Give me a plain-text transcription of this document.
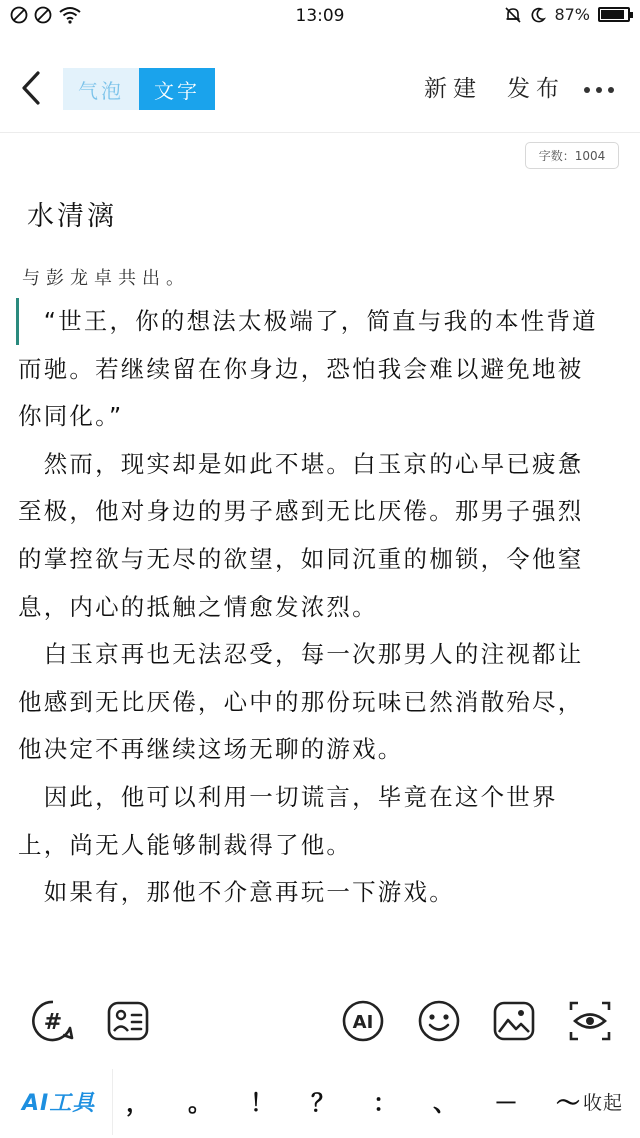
13:09	87%
气泡	文字	新建 发布
字数：1004
水清漓
与彭龙卓共出。

　“世王，你的想法太极端了，简直与我的本性背道而驰。若继续留在你身边，恐怕我会难以避免地被你同化。”

　然而，现实却是如此不堪。白玉京的心早已疲惫至极，他对身边的男子感到无比厌倦。那男子强烈的掌控欲与无尽的欲望，如同沉重的枷锁，令他窒息，内心的抵触之情愈发浓烈。

　白玉京再也无法忍受，每一次那男人的注视都让他感到无比厌倦，心中的那份玩味已然消散殆尽，他决定不再继续这场无聊的游戏。

　因此，他可以利用一切谎言，毕竟在这个世界上，尚无人能够制裁得了他。

　如果有，那他不介意再玩一下游戏。

#	AI
AI工具	，	。	！	？	：	、	－	～ 收起
